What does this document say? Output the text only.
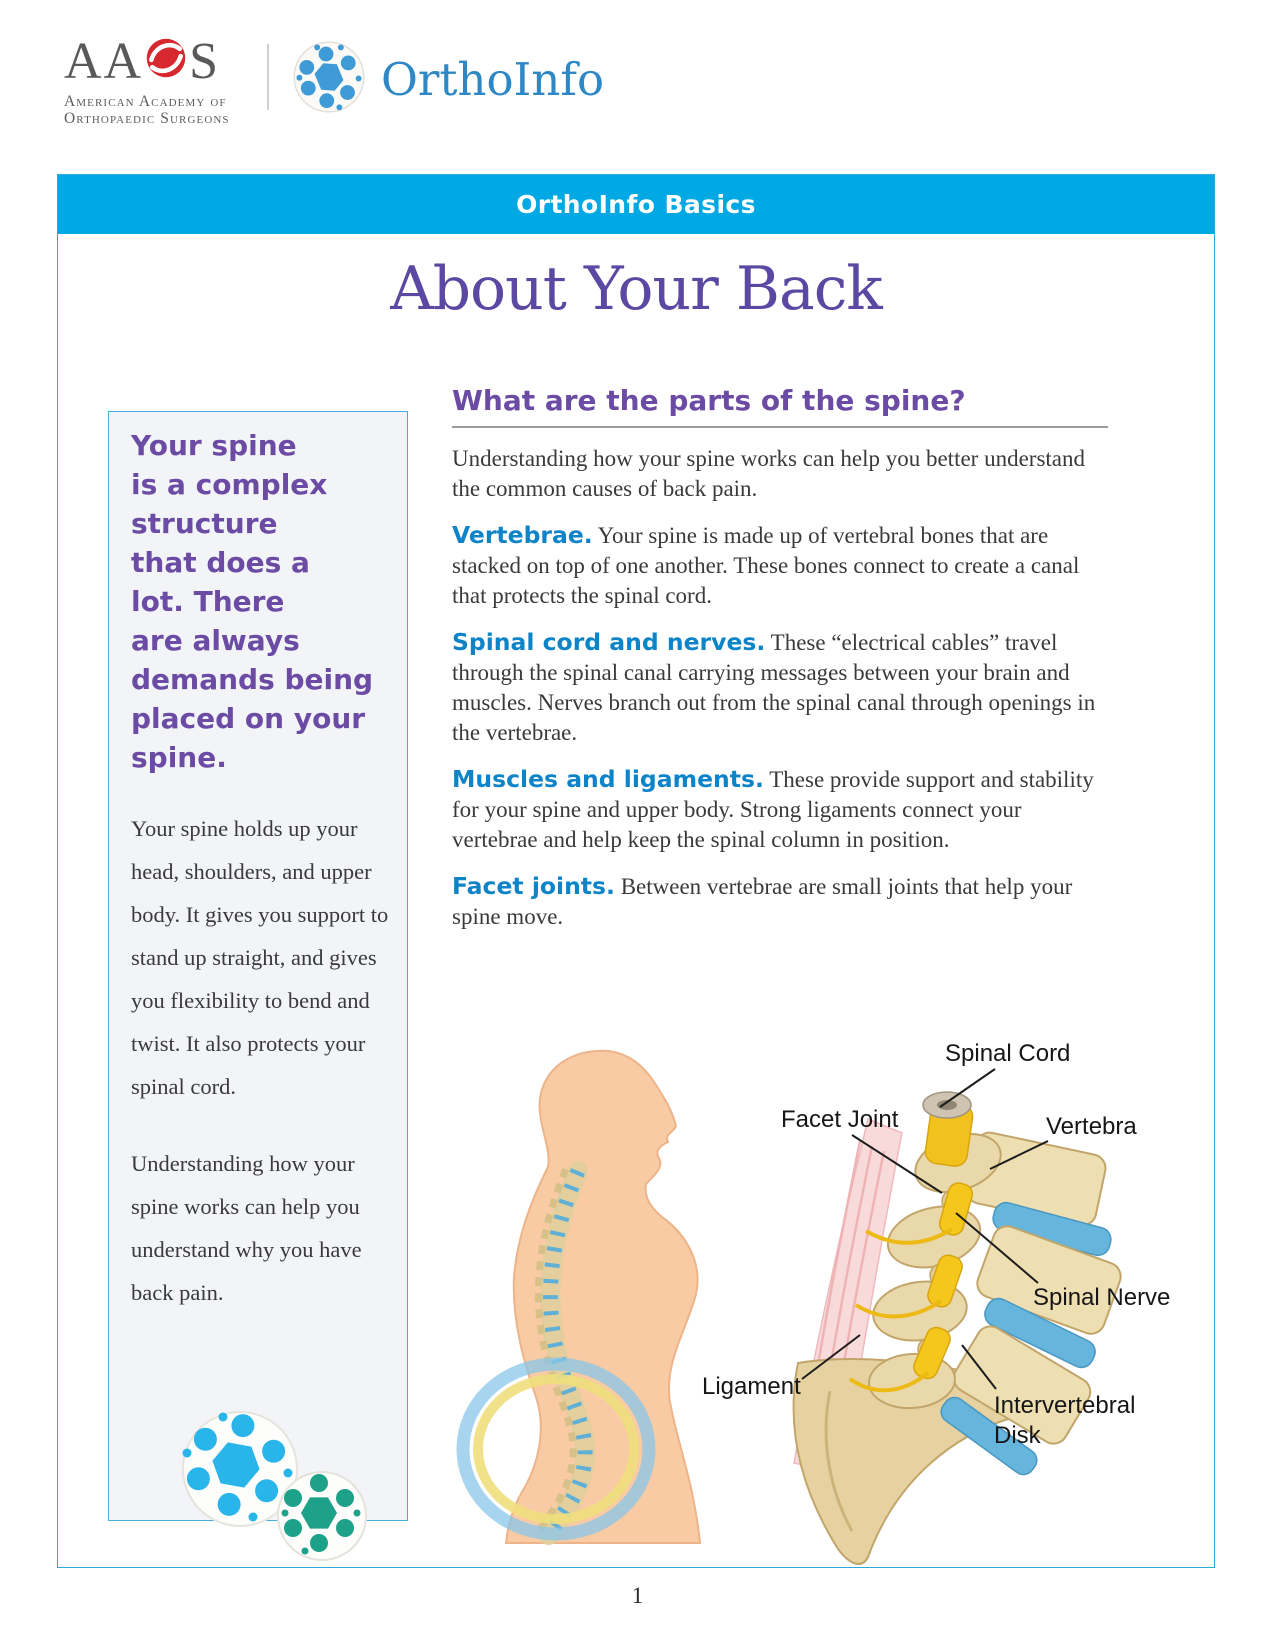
AA S
American Academy of
Orthopaedic Surgeons
OrthoInfo
OrthoInfo Basics
About Your Back
Your spine
is a complex
structure
that does a
lot. There
are always
demands being
placed on your
spine.
Your spine holds up your head, shoulders, and upper body. It gives you support to stand up straight, and gives you flexibility to bend and twist. It also protects your spinal cord.
Understanding how your spine works can help you understand why you have back pain.
What are the parts of the spine?

Understanding how your spine works can help you better understand the common causes of back pain.

Vertebrae. Your spine is made up of vertebral bones that are stacked on top of one another. These bones connect to create a canal that protects the spinal cord.

Spinal cord and nerves. These “electrical cables” travel through the spinal canal carrying messages between your brain and muscles. Nerves branch out from the spinal canal through openings in the vertebrae.

Muscles and ligaments. These provide support and stability for your spine and upper body. Strong ligaments connect your vertebrae and help keep the spinal column in position.

Facet joints. Between vertebrae are small joints that help your spine move.

Spinal Cord
Facet Joint	Vertebra
Spinal Nerve
Ligament
Intervertebral
Disk
1
